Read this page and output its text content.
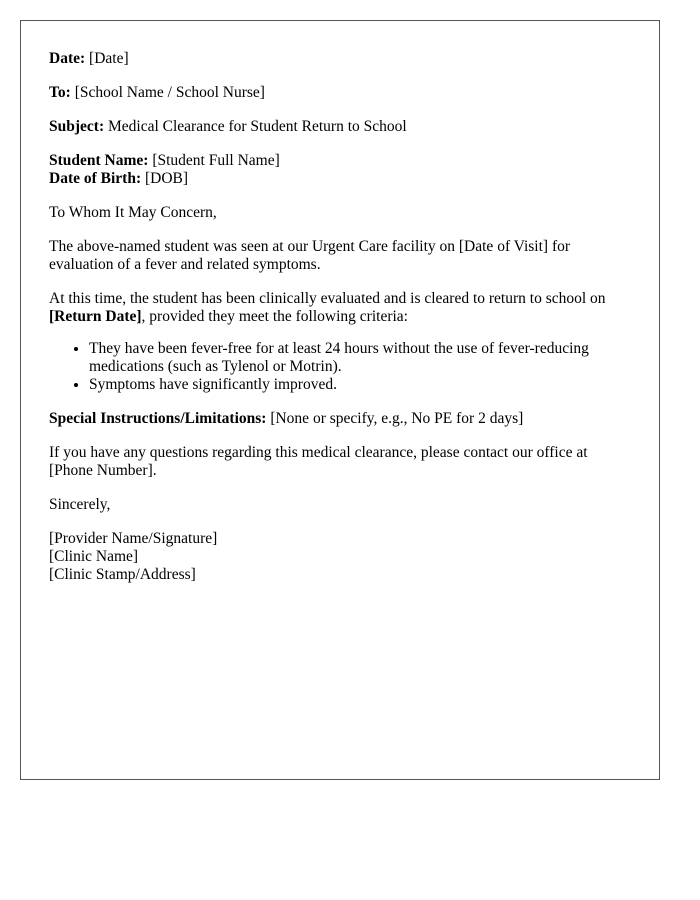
Date: [Date]

To: [School Name / School Nurse]

Subject: Medical Clearance for Student Return to School

Student Name: [Student Full Name]
Date of Birth: [DOB]

To Whom It May Concern,

The above-named student was seen at our Urgent Care facility on [Date of Visit] for evaluation of a fever and related symptoms.

At this time, the student has been clinically evaluated and is cleared to return to school on [Return Date], provided they meet the following criteria:

• They have been fever-free for at least 24 hours without the use of fever-reducing medications (such as Tylenol or Motrin).
• Symptoms have significantly improved.

Special Instructions/Limitations: [None or specify, e.g., No PE for 2 days]

If you have any questions regarding this medical clearance, please contact our office at [Phone Number].

Sincerely,

[Provider Name/Signature]
[Clinic Name]
[Clinic Stamp/Address]
